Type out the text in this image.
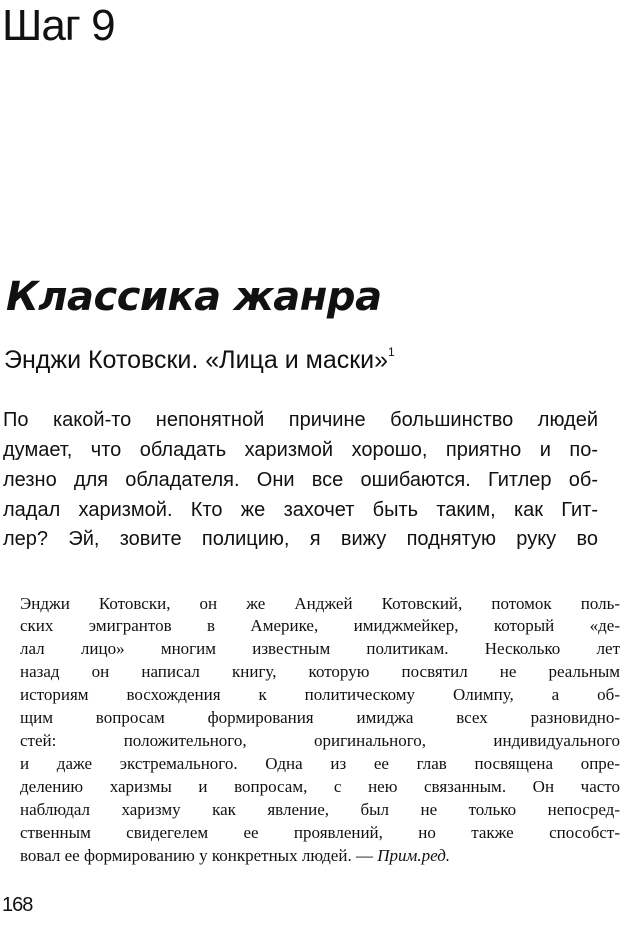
Шаг 9
Классика жанра
Энджи Котовски. «Лица и маски»$^1$
По какой-то непонятной причине большинство людей
думает, что обладать харизмой хорошо, приятно и по-
лезно для обладателя. Они все ошибаются. Гитлер об-
ладал харизмой. Кто же захочет быть таким, как Гит-
лер? Эй, зовите полицию, я вижу поднятую руку во
Энджи Котовски, он же Анджей Котовский, потомок поль-
ских эмигрантов в Америке, имиджмейкер, который «де-
лал лицо» многим известным политикам. Несколько лет
назад он написал книгу, которую посвятил не реальным
историям восхождения к политическому Олимпу, а об-
щим вопросам формирования имиджа всех разновидно-
стей: положительного, оригинального, индивидуального
и даже экстремального. Одна из ее глав посвящена опре-
делению харизмы и вопросам, с нею связанным. Он часто
наблюдал харизму как явление, был не только непосред-
ственным свидегелем ее проявлений, но также способст-
вовал ее формированию у конкретных людей. — Прим.ред.
168
